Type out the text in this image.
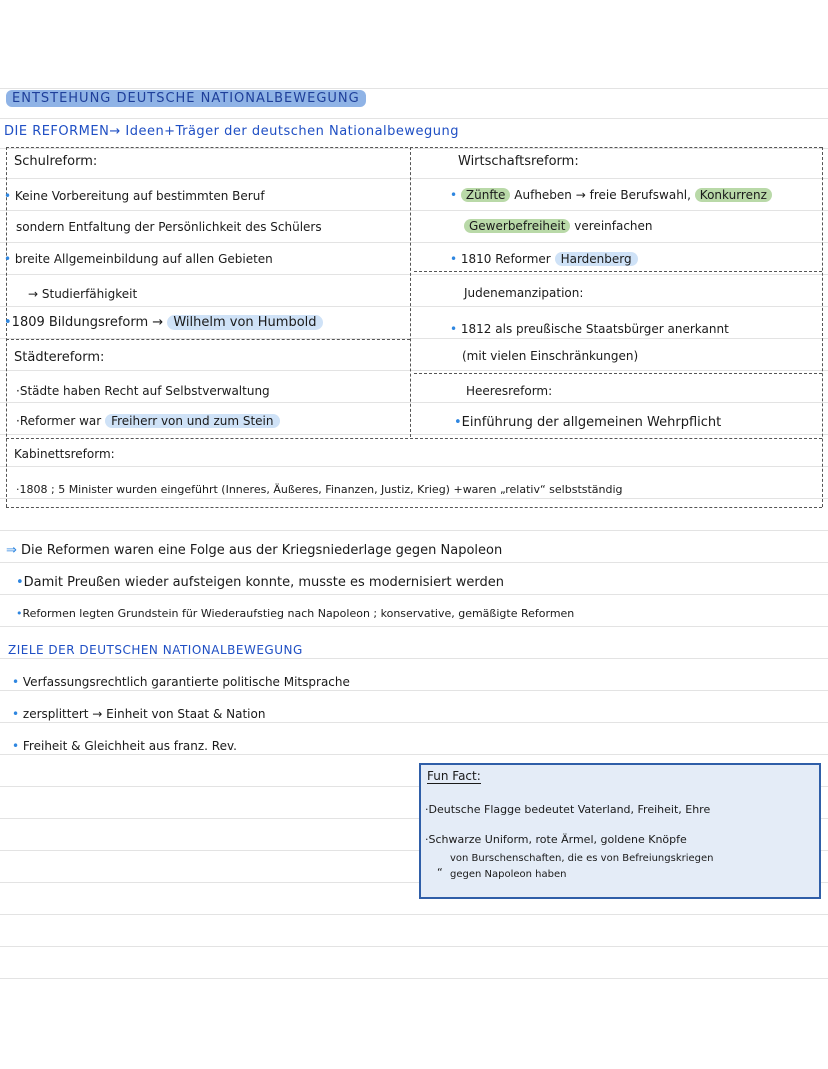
ENTSTEHUNG DEUTSCHE NATIONALBEWEGUNG
DIE REFORMEN→ Ideen+Träger der deutschen Nationalbewegung
Schulreform:
• Keine Vorbereitung auf bestimmten Beruf
sondern Entfaltung der Persönlichkeit des Schülers
• breite Allgemeinbildung auf allen Gebieten
→ Studierfähigkeit
•1809 Bildungsreform → Wilhelm von Humbold
Wirtschaftsreform:
• Zünfte Aufheben → freie Berufswahl, Konkurrenz
Gewerbefreiheit vereinfachen
• 1810 Reformer Hardenberg
Judenemanzipation:
• 1812 als preußische Staatsbürger anerkannt
(mit vielen Einschränkungen)
Städtereform:
·Städte haben Recht auf Selbstverwaltung
·Reformer war Freiherr von und zum Stein
Heeresreform:
•Einführung der allgemeinen Wehrpflicht
Kabinettsreform:
·1808 ; 5 Minister wurden eingeführt (Inneres, Äußeres, Finanzen, Justiz, Krieg) +waren „relativ“ selbstständig
⇒ Die Reformen waren eine Folge aus der Kriegsniederlage gegen Napoleon
•Damit Preußen wieder aufsteigen konnte, musste es modernisiert werden
•Reformen legten Grundstein für Wiederaufstieg nach Napoleon ; konservative, gemäßigte Reformen
ZIELE DER DEUTSCHEN NATIONALBEWEGUNG
• Verfassungsrechtlich garantierte politische Mitsprache
• zersplittert → Einheit von Staat & Nation
• Freiheit & Gleichheit aus franz. Rev.
Fun Fact:
·Deutsche Flagge bedeutet Vaterland, Freiheit, Ehre
·Schwarze Uniform, rote Ärmel, goldene Knöpfe
von Burschenschaften, die es von Befreiungskriegen
“ gegen Napoleon haben
